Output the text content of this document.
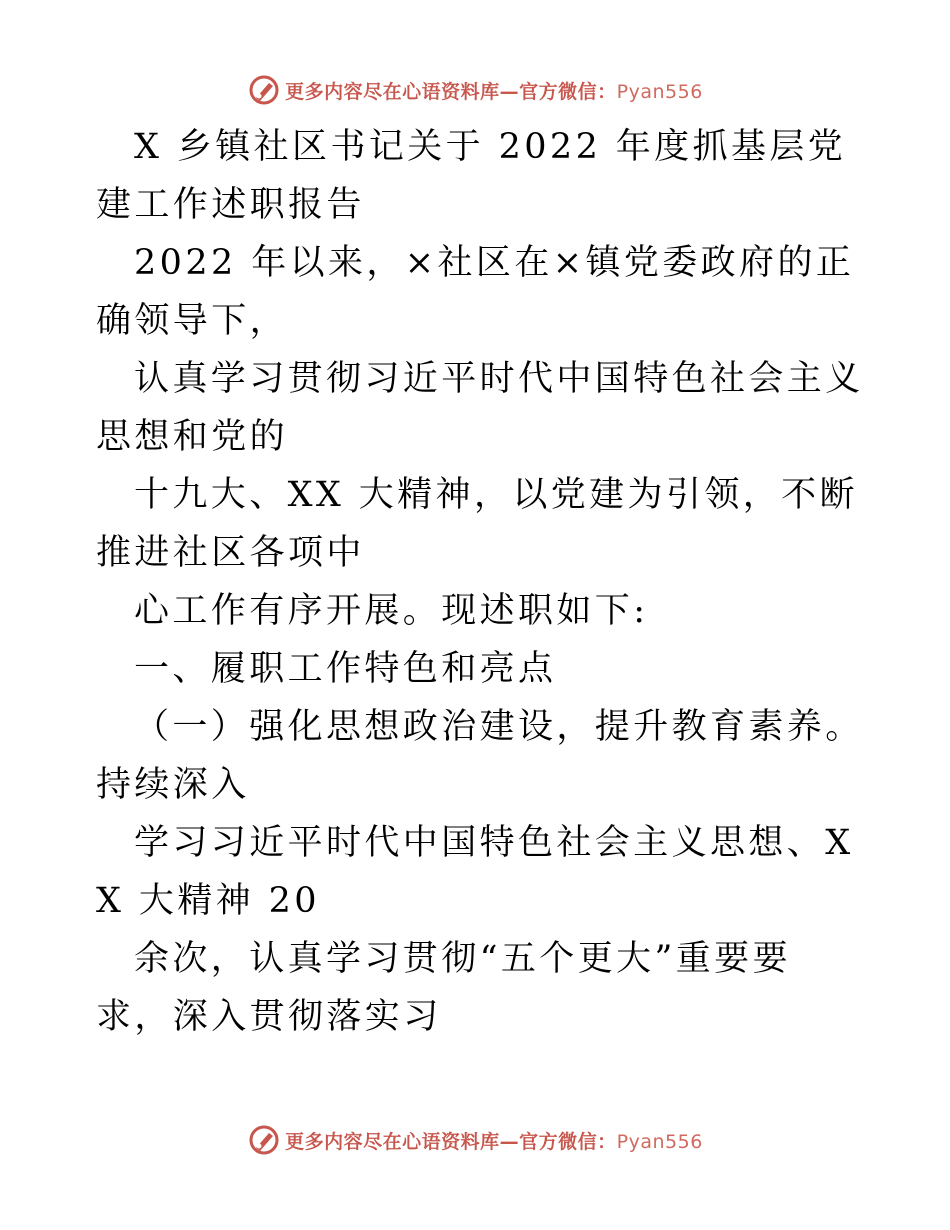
更多内容尽在心语资料库—官方微信：Pyan556

X 乡镇社区书记关于 2022 年度抓基层党建工作述职报告

2022 年以来，×社区在×镇党委政府的正确领导下，

认真学习贯彻习近平时代中国特色社会主义思想和党的

十九大、XX 大精神，以党建为引领，不断推进社区各项中

心工作有序开展。现述职如下:

一、履职工作特色和亮点

（一）强化思想政治建设，提升教育素养。持续深入

学习习近平时代中国特色社会主义思想、XX 大精神 20

余次，认真学习贯彻“五个更大”重要要求，深入贯彻落实习

更多内容尽在心语资料库—官方微信：Pyan556
